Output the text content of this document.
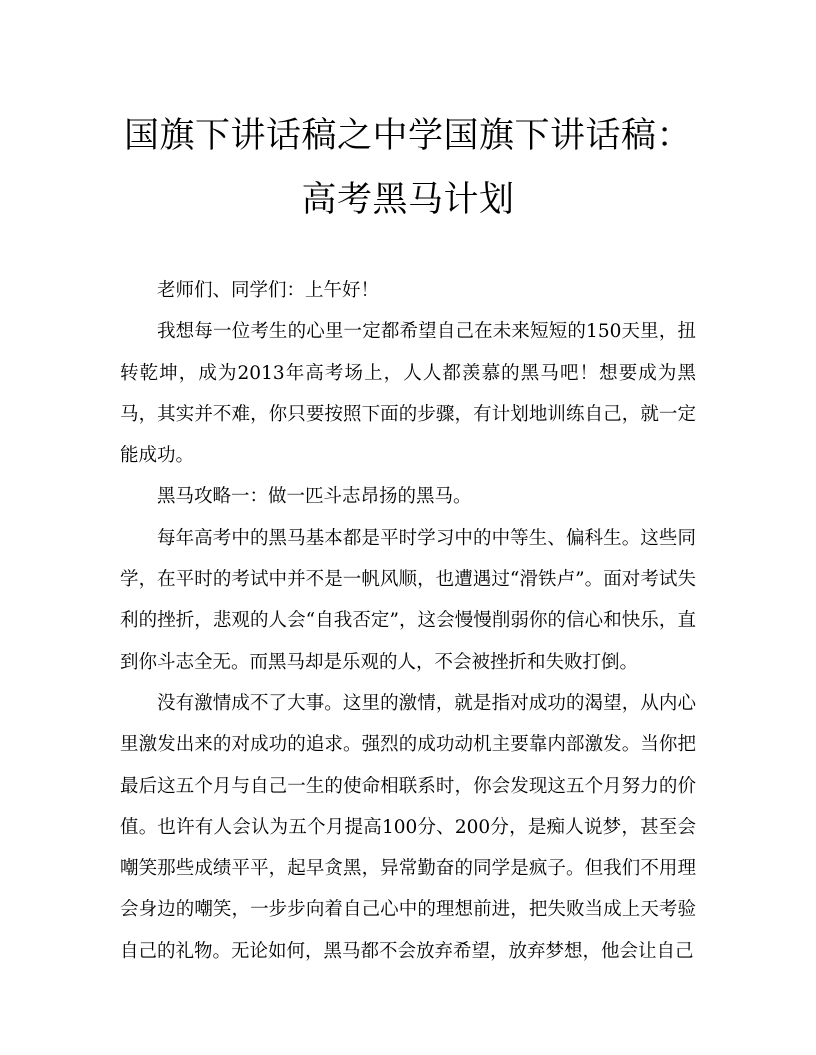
国旗下讲话稿之中学国旗下讲话稿：高考黑马计划

老师们、同学们：上午好！

我想每一位考生的心里一定都希望自己在未来短短的150天里，扭转乾坤，成为2013年高考场上，人人都羡慕的黑马吧！想要成为黑马，其实并不难，你只要按照下面的步骤，有计划地训练自己，就一定能成功。

黑马攻略一：做一匹斗志昂扬的黑马。

每年高考中的黑马基本都是平时学习中的中等生、偏科生。这些同学，在平时的考试中并不是一帆风顺，也遭遇过“滑铁卢”。面对考试失利的挫折，悲观的人会“自我否定”，这会慢慢削弱你的信心和快乐，直到你斗志全无。而黑马却是乐观的人，不会被挫折和失败打倒。

没有激情成不了大事。这里的激情，就是指对成功的渴望，从内心里激发出来的对成功的追求。强烈的成功动机主要靠内部激发。当你把最后这五个月与自己一生的使命相联系时，你会发现这五个月努力的价值。也许有人会认为五个月提高100分、200分，是痴人说梦，甚至会嘲笑那些成绩平平，起早贪黑，异常勤奋的同学是疯子。但我们不用理会身边的嘲笑，一步步向着自己心中的理想前进，把失败当成上天考验自己的礼物。无论如何，黑马都不会放弃希望，放弃梦想，他会让自己
